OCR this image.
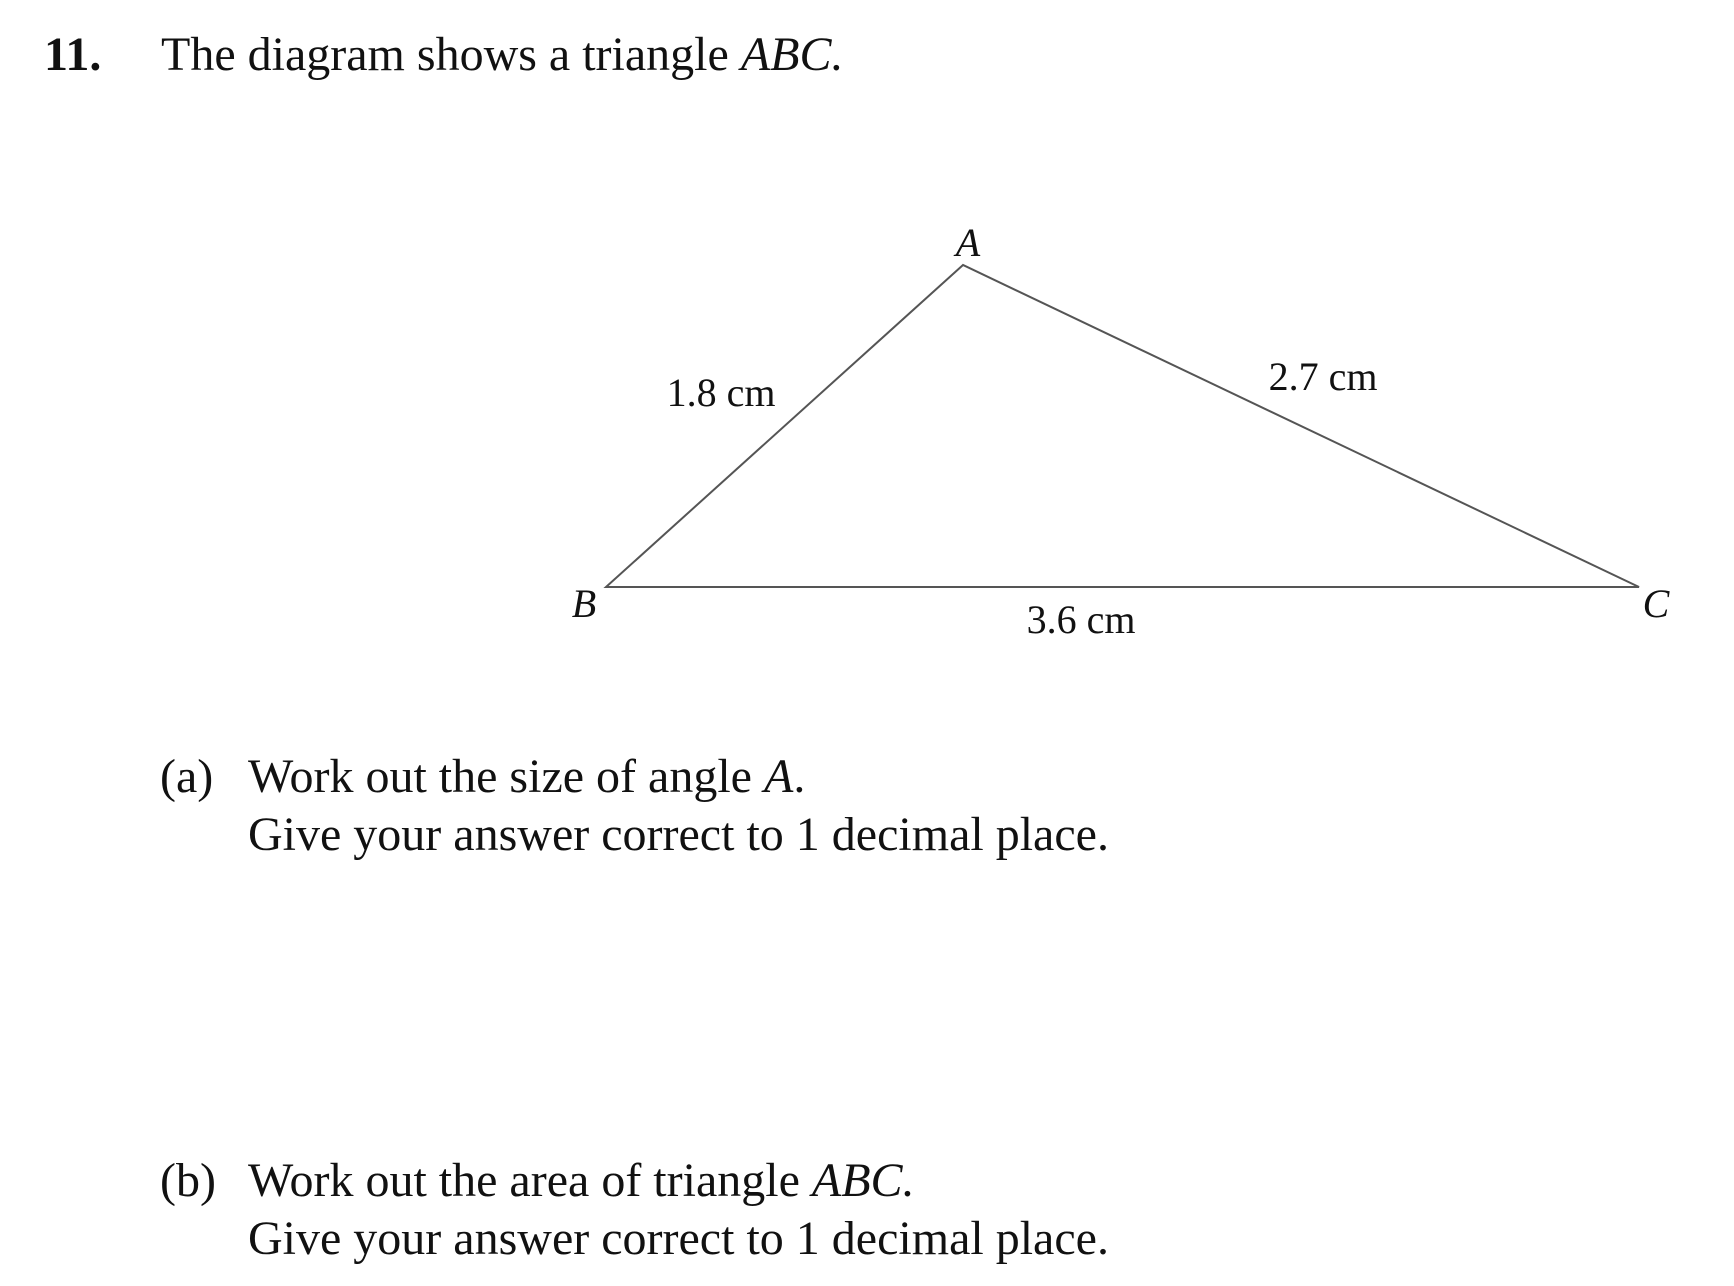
11. The diagram shows a triangle ABC.
A
B	C
1.8 cm	2.7 cm
3.6 cm
(a) Work out the size of angle A.
Give your answer correct to 1 decimal place.
(b) Work out the area of triangle ABC.
Give your answer correct to 1 decimal place.
